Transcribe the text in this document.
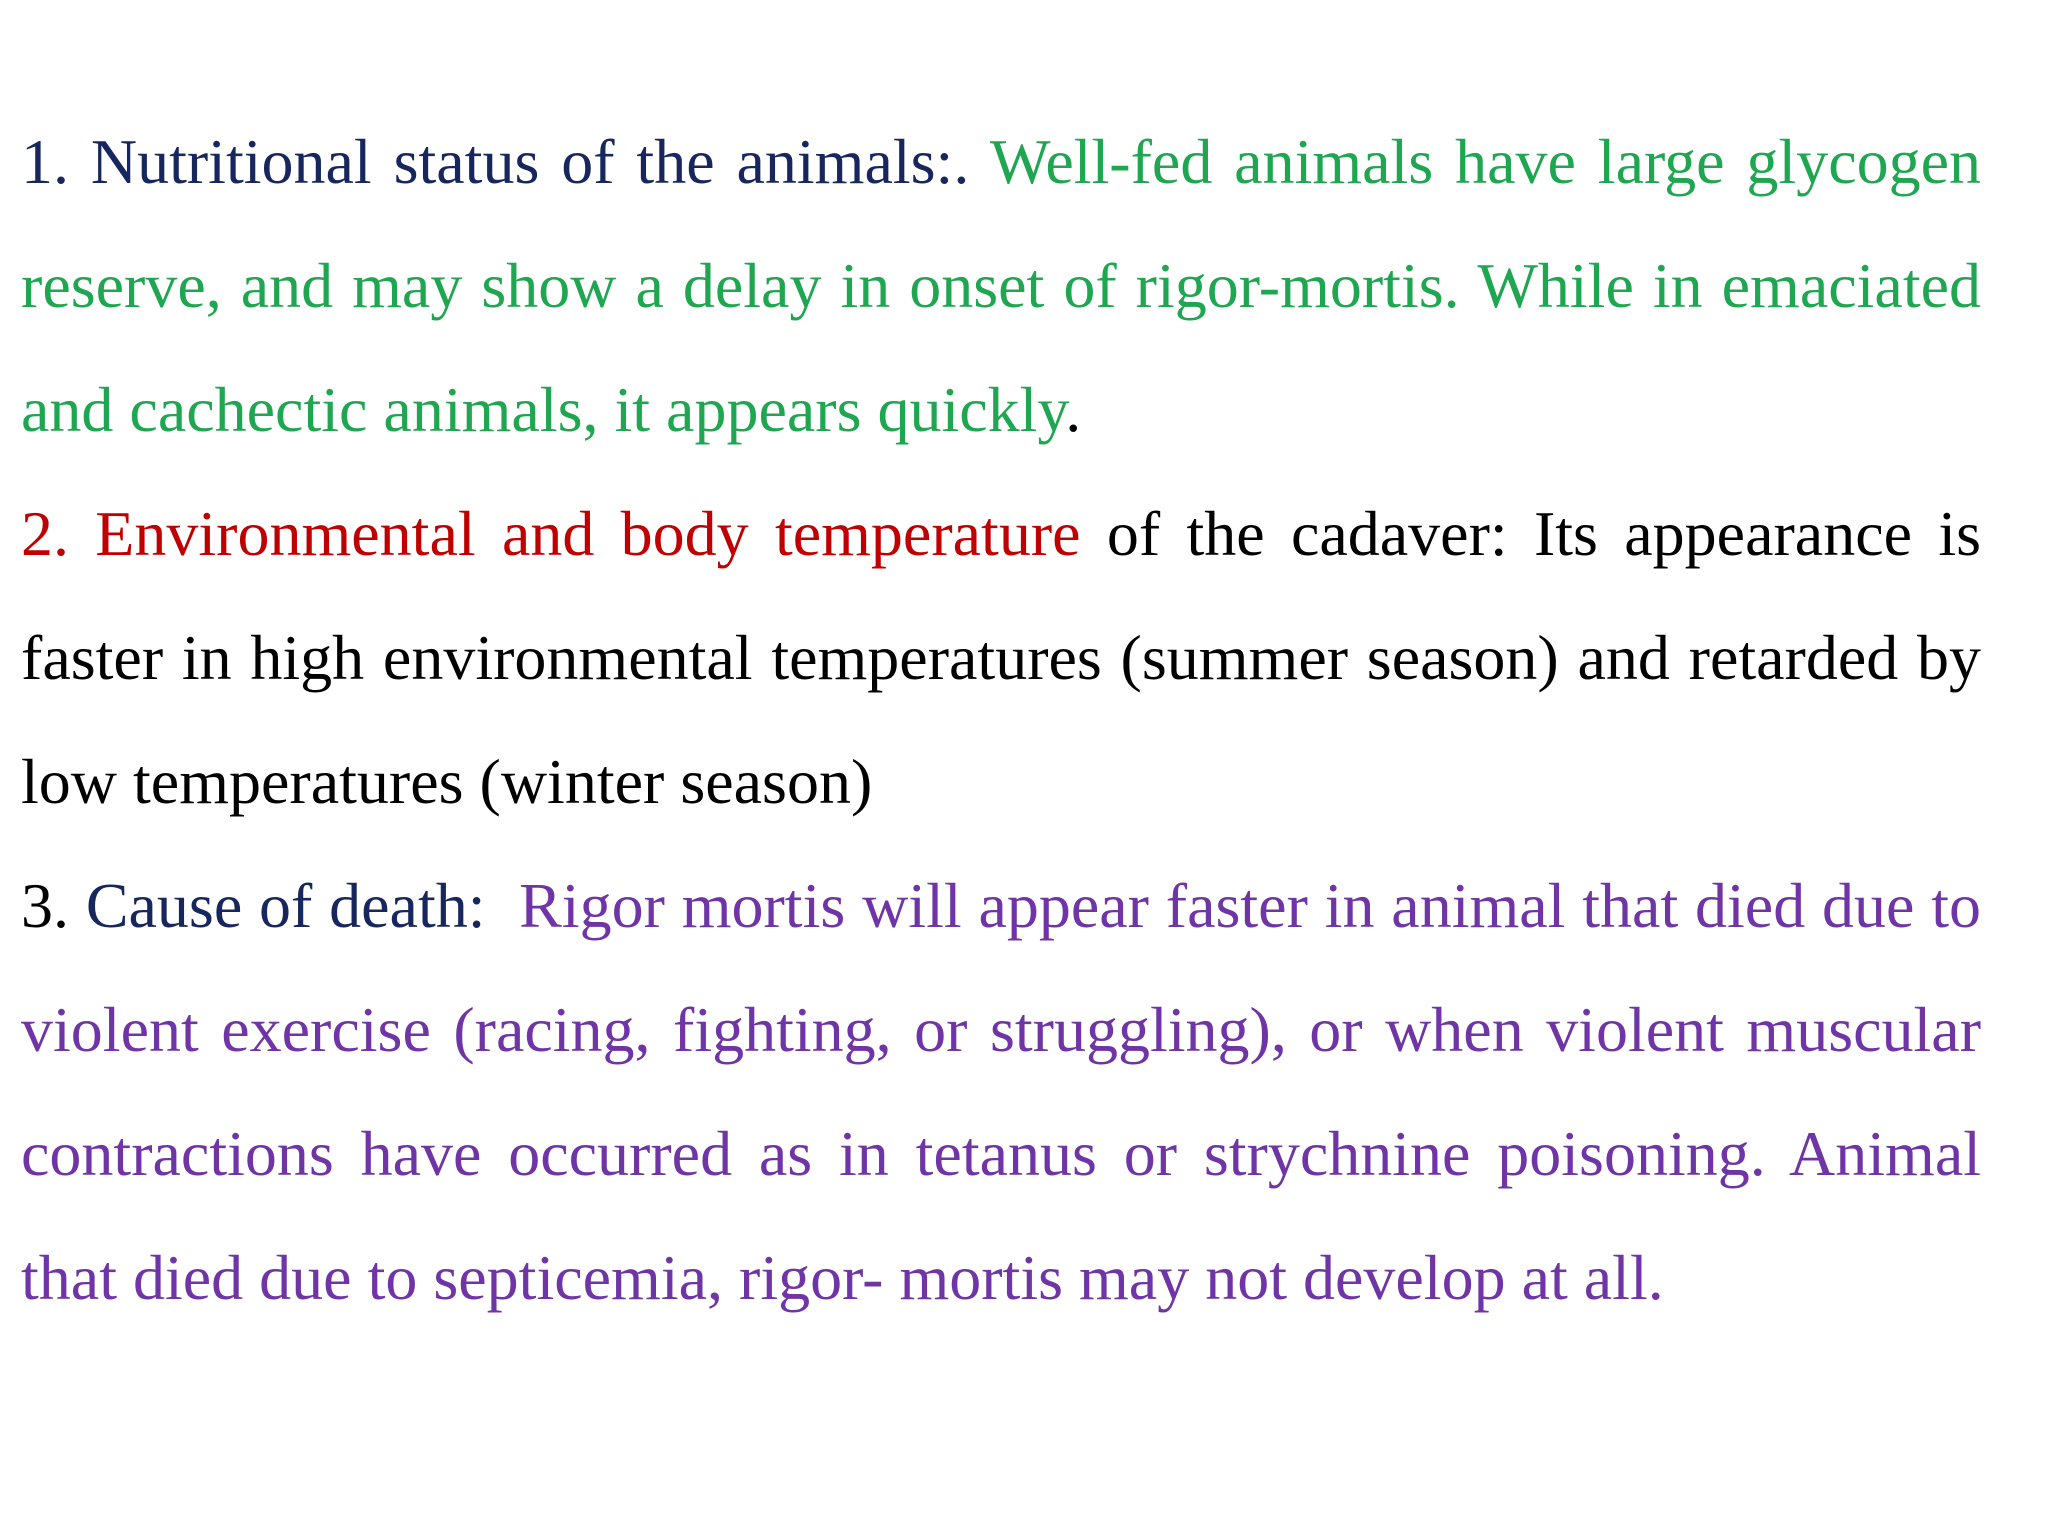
1. Nutritional status of the animals:. Well-fed animals have large glycogen reserve, and may show a delay in onset of rigor-mortis. While in emaciated and cachectic animals, it appears quickly.

2. Environmental and body temperature of the cadaver: Its appearance is faster in high environmental temperatures (summer season) and retarded by low temperatures (winter season)

3. Cause of death:  Rigor mortis will appear faster in animal that died due to violent exercise (racing, fighting, or struggling), or when violent muscular contractions have occurred as in tetanus or strychnine poisoning. Animal that died due to septicemia, rigor- mortis may not develop at all.
